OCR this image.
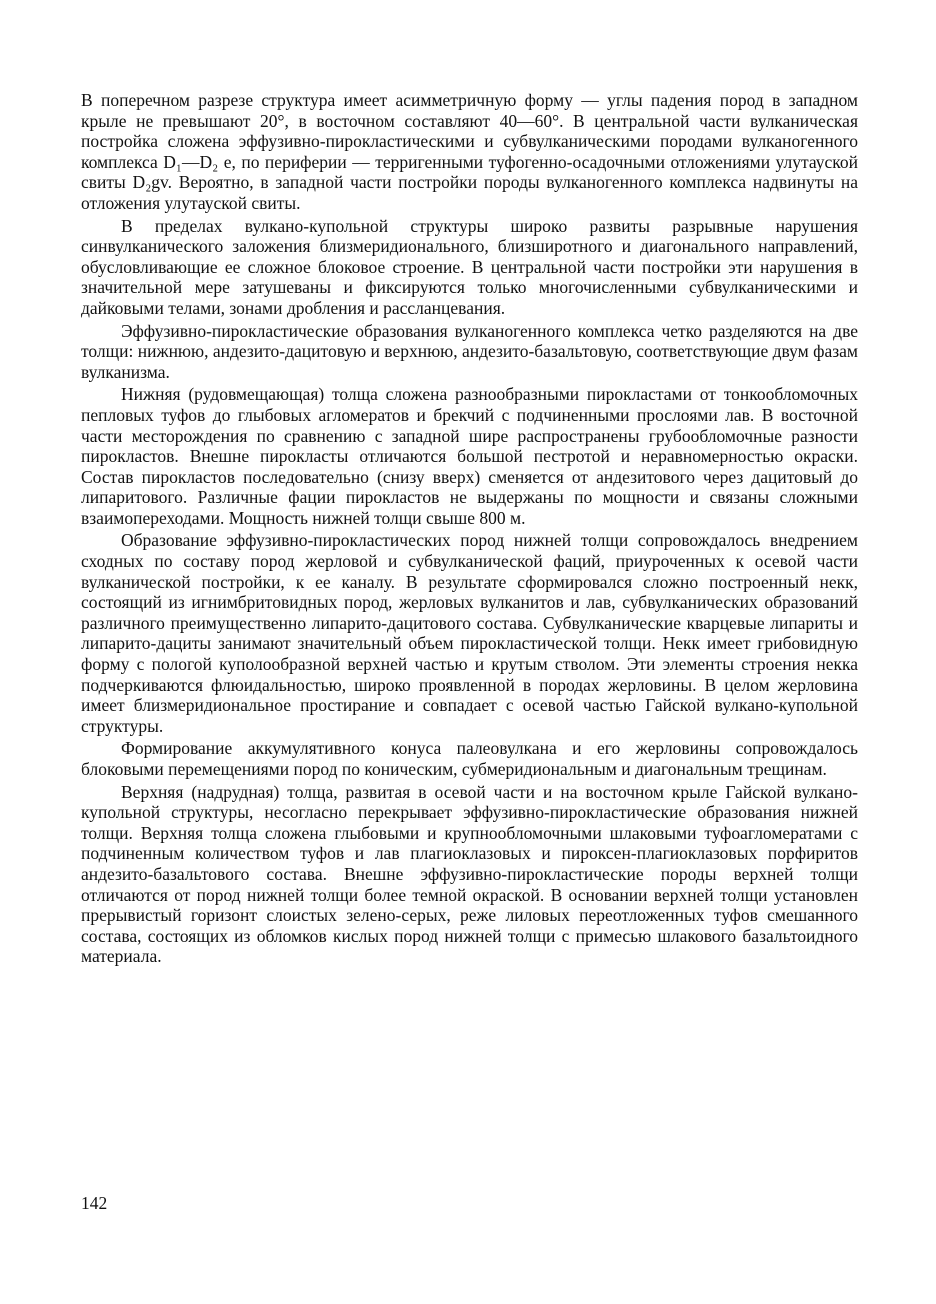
В поперечном разрезе структура имеет асимметричную форму — углы падения пород в западном крыле не превышают 20°, в восточном составляют 40—60°. В центральной части вулканическая постройка сложена эффузивно-пирокластическими и субвулканическими породами вулканогенного комплекса D₁—D₂ e, по периферии — терригенными туфогенно-осадочными отложениями улутауской свиты D₂gv. Вероятно, в западной части постройки породы вулканогенного комплекса надвинуты на отложения улутауской свиты.

В пределах вулкано-купольной структуры широко развиты разрывные нарушения синвулканического заложения близмеридионального, близширотного и диагонального направлений, обусловливающие ее сложное блоковое строение. В центральной части постройки эти нарушения в значительной мере затушеваны и фиксируются только многочисленными субвулканическими и дайковыми телами, зонами дробления и рассланцевания.

Эффузивно-пирокластические образования вулканогенного комплекса четко разделяются на две толщи: нижнюю, андезито-дацитовую и верхнюю, андезито-базальтовую, соответствующие двум фазам вулканизма.

Нижняя (рудовмещающая) толща сложена разнообразными пирокластами от тонкообломочных пепловых туфов до глыбовых агломератов и брекчий с подчиненными прослоями лав. В восточной части месторождения по сравнению с западной шире распространены грубообломочные разности пирокластов. Внешне пирокласты отличаются большой пестротой и неравномерностью окраски. Состав пирокластов последовательно (снизу вверх) сменяется от андезитового через дацитовый до липаритового. Различные фации пирокластов не выдержаны по мощности и связаны сложными взаимопереходами. Мощность нижней толщи свыше 800 м.

Образование эффузивно-пирокластических пород нижней толщи сопровождалось внедрением сходных по составу пород жерловой и субвулканической фаций, приуроченных к осевой части вулканической постройки, к ее каналу. В результате сформировался сложно построенный некк, состоящий из игнимбритовидных пород, жерловых вулканитов и лав, субвулканических образований различного преимущественно липарито-дацитового состава. Субвулканические кварцевые липариты и липарито-дациты занимают значительный объем пирокластической толщи. Некк имеет грибовидную форму с пологой куполообразной верхней частью и крутым стволом. Эти элементы строения некка подчеркиваются флюидальностью, широко проявленной в породах жерловины. В целом жерловина имеет близмеридиональное простирание и совпадает с осевой частью Гайской вулкано-купольной структуры.

Формирование аккумулятивного конуса палеовулкана и его жерловины сопровождалось блоковыми перемещениями пород по коническим, субмеридиональным и диагональным трещинам.

Верхняя (надрудная) толща, развитая в осевой части и на восточном крыле Гайской вулкано-купольной структуры, несогласно перекрывает эффузивно-пирокластические образования нижней толщи. Верхняя толща сложена глыбовыми и крупнообломочными шлаковыми туфоагломератами с подчиненным количеством туфов и лав плагиоклазовых и пироксен-плагиоклазовых порфиритов андезито-базальтового состава. Внешне эффузивно-пирокластические породы верхней толщи отличаются от пород нижней толщи более темной окраской. В основании верхней толщи установлен прерывистый горизонт слоистых зелено-серых, реже лиловых переотложенных туфов смешанного состава, состоящих из обломков кислых пород нижней толщи с примесью шлакового базальтоидного материала.

142
